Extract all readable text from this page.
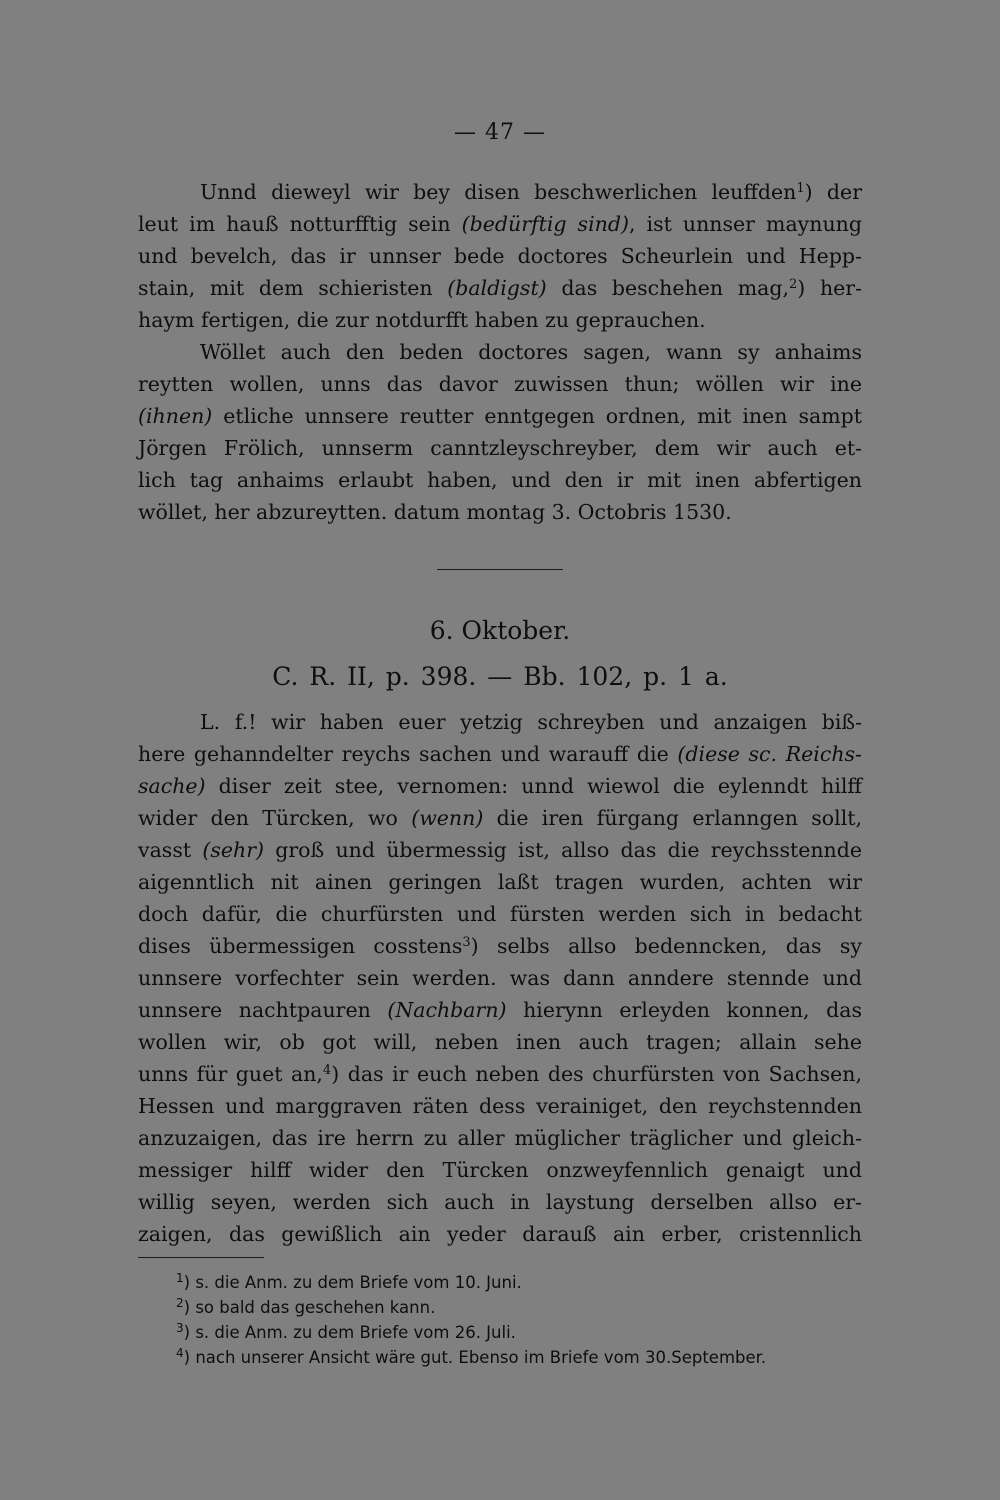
— 47 —
Unnd dieweyl wir bey disen beschwerlichen leuffden$^1$) der
leut im hauß notturfftig sein (bedürftig sind), ist unnser maynung
und bevelch, das ir unnser bede doctores Scheurlein und Hepp-
stain, mit dem schieristen (baldigst) das beschehen mag,$^2$) her-
haym fertigen, die zur notdurfft haben zu geprauchen.
Wöllet auch den beden doctores sagen, wann sy anhaims
reytten wollen, unns das davor zuwissen thun; wöllen wir ine
(ihnen) etliche unnsere reutter enntgegen ordnen, mit inen sampt
Jörgen Frölich, unnserm canntzleyschreyber, dem wir auch et-
lich tag anhaims erlaubt haben, und den ir mit inen abfertigen
wöllet, her abzureytten. datum montag 3. Octobris 1530.
6. Oktober.
C. R. II, p. 398. — Bb. 102, p. 1 a.
L. f.! wir haben euer yetzig schreyben und anzaigen biß-
here gehanndelter reychs sachen und warauff die (diese sc. Reichs-
sache) diser zeit stee, vernomen: unnd wiewol die eylenndt hilff
wider den Türcken, wo (wenn) die iren fürgang erlanngen sollt,
vasst (sehr) groß und übermessig ist, allso das die reychsstennde
aigenntlich nit ainen geringen laßt tragen wurden, achten wir
doch dafür, die churfürsten und fürsten werden sich in bedacht
dises übermessigen cosstens$^3$) selbs allso bedenncken, das sy
unnsere vorfechter sein werden. was dann anndere stennde und
unnsere nachtpauren (Nachbarn) hierynn erleyden konnen, das
wollen wir, ob got will, neben inen auch tragen; allain sehe
unns für guet an,$^4$) das ir euch neben des churfürsten von Sachsen,
Hessen und marggraven räten dess verainiget, den reychstennden
anzuzaigen, das ire herrn zu aller müglicher träglicher und gleich-
messiger hilff wider den Türcken onzweyfennlich genaigt und
willig seyen, werden sich auch in laystung derselben allso er-
zaigen, das gewißlich ain yeder darauß ain erber, cristennlich
$^1$) s. die Anm. zu dem Briefe vom 10. Juni.
$^2$) so bald das geschehen kann.
$^3$) s. die Anm. zu dem Briefe vom 26. Juli.
$^4$) nach unserer Ansicht wäre gut. Ebenso im Briefe vom 30.September.
